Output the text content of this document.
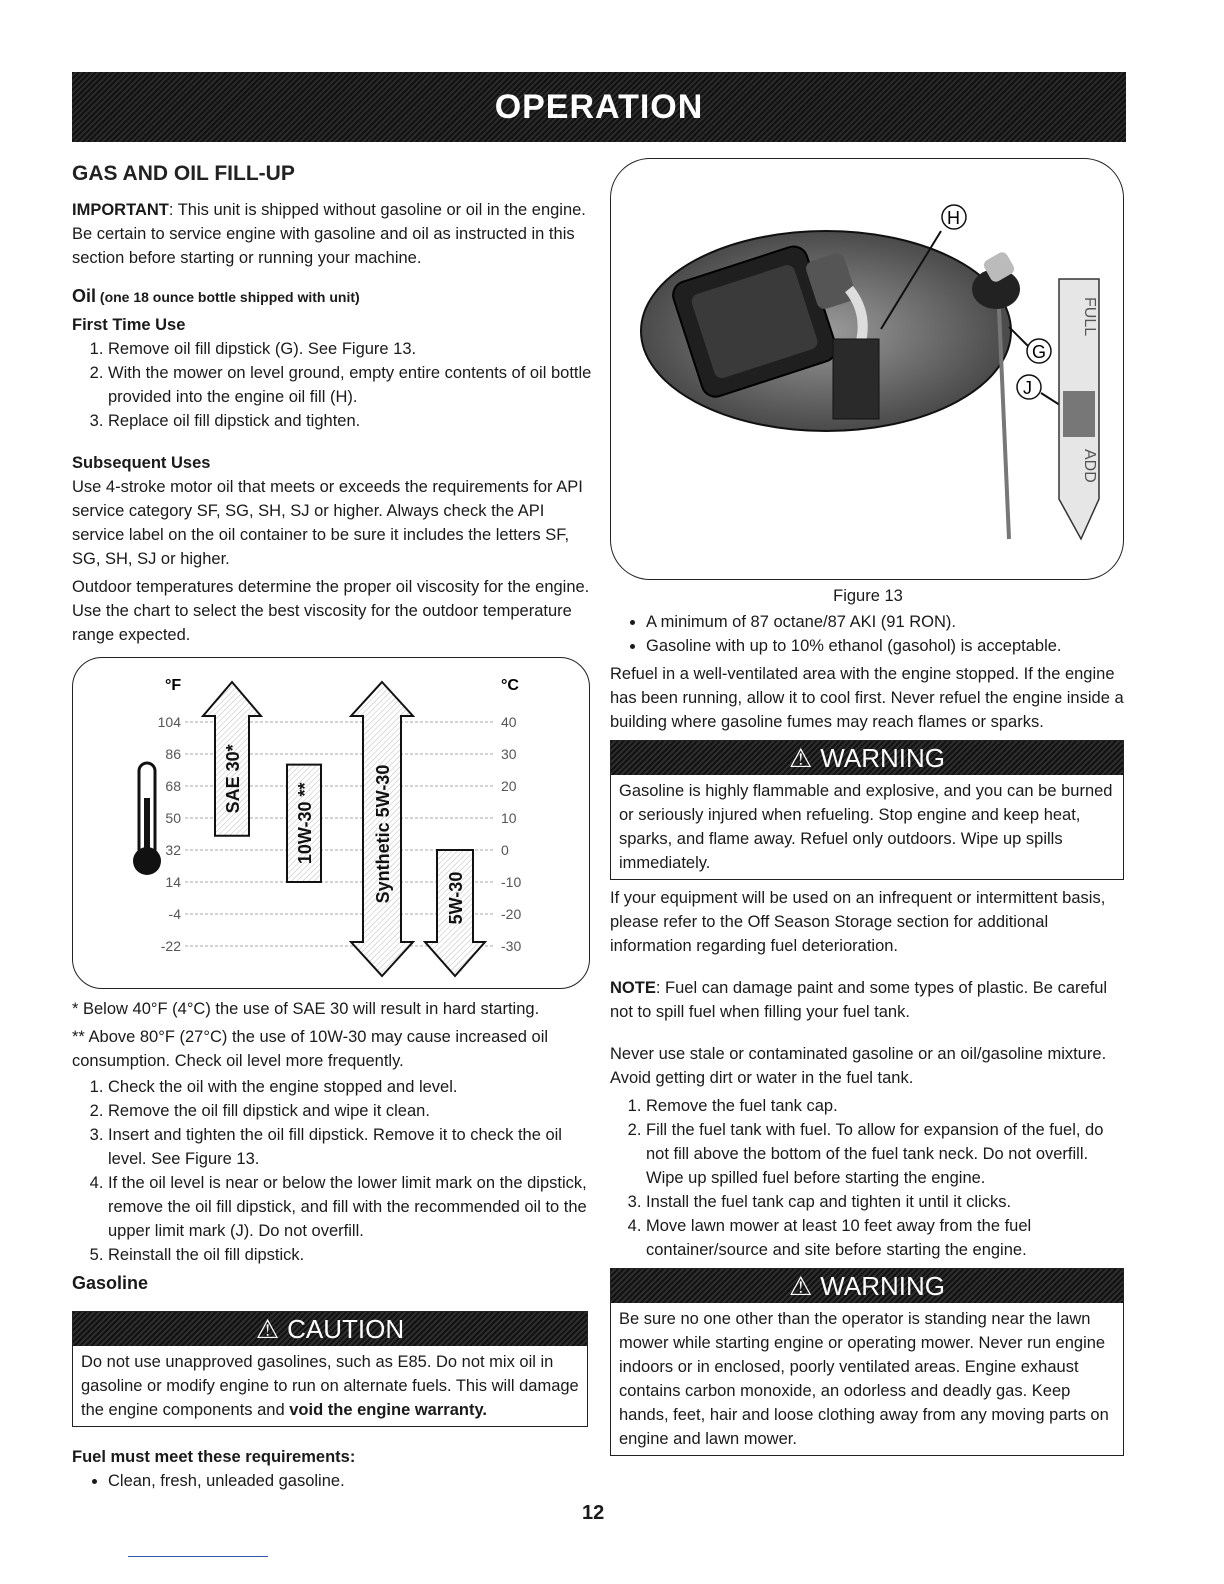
OPERATION
GAS AND OIL FILL-UP

IMPORTANT: This unit is shipped without gasoline or oil in the engine. Be certain to service engine with gasoline and oil as instructed in this section before starting or running your machine.

Oil (one 18 ounce bottle shipped with unit)
First Time Use
1. Remove oil fill dipstick (G). See Figure 13.
2. With the mower on level ground, empty entire contents of oil bottle provided into the engine oil fill (H).
3. Replace oil fill dipstick and tighten.
Subsequent Uses

Use 4-stroke motor oil that meets or exceeds the requirements for API service category SF, SG, SH, SJ or higher. Always check the API service label on the oil container to be sure it includes the letters SF, SG, SH, SJ or higher.

Outdoor temperatures determine the proper oil viscosity for the engine. Use the chart to select the best viscosity for the outdoor temperature range expected.

°F	°C
104
86
68
50
32
14
-4
-22
40
30
20
10
0
-10
-20
-30
SAE 30*
10W-30 **	Synthetic 5W-30	5W-30

* Below 40°F (4°C) the use of SAE 30 will result in hard starting.

** Above 80°F (27°C) the use of 10W-30 may cause increased oil consumption. Check oil level more frequently.

1. Check the oil with the engine stopped and level.
2. Remove the oil fill dipstick and wipe it clean.
3. Insert and tighten the oil fill dipstick. Remove it to check the oil level. See Figure 13.
4. If the oil level is near or below the lower limit mark on the dipstick, remove the oil fill dipstick, and fill with the recommended oil to the upper limit mark (J). Do not overfill.
5. Reinstall the oil fill dipstick.
Gasoline
⚠ CAUTION
Do not use unapproved gasolines, such as E85. Do not mix oil in gasoline or modify engine to run on alternate fuels. This will damage the engine components and void the engine warranty.
Fuel must meet these requirements:
• Clean, fresh, unleaded gasoline.
H
G
J
FULL
ADD
Figure 13
• A minimum of 87 octane/87 AKI (91 RON).
• Gasoline with up to 10% ethanol (gasohol) is acceptable.

Refuel in a well-ventilated area with the engine stopped. If the engine has been running, allow it to cool first. Never refuel the engine inside a building where gasoline fumes may reach flames or sparks.

⚠ WARNING
Gasoline is highly flammable and explosive, and you can be burned or seriously injured when refueling. Stop engine and keep heat, sparks, and flame away. Refuel only outdoors. Wipe up spills immediately.

If your equipment will be used on an infrequent or intermittent basis, please refer to the Off Season Storage section for additional information regarding fuel deterioration.

NOTE: Fuel can damage paint and some types of plastic. Be careful not to spill fuel when filling your fuel tank.

Never use stale or contaminated gasoline or an oil/gasoline mixture. Avoid getting dirt or water in the fuel tank.

1. Remove the fuel tank cap.
2. Fill the fuel tank with fuel. To allow for expansion of the fuel, do not fill above the bottom of the fuel tank neck. Do not overfill. Wipe up spilled fuel before starting the engine.
3. Install the fuel tank cap and tighten it until it clicks.
4. Move lawn mower at least 10 feet away from the fuel container/source and site before starting the engine.
⚠ WARNING
Be sure no one other than the operator is standing near the lawn mower while starting engine or operating mower. Never run engine indoors or in enclosed, poorly ventilated areas. Engine exhaust contains carbon monoxide, an odorless and deadly gas. Keep hands, feet, hair and loose clothing away from any moving parts on engine and lawn mower.
12
